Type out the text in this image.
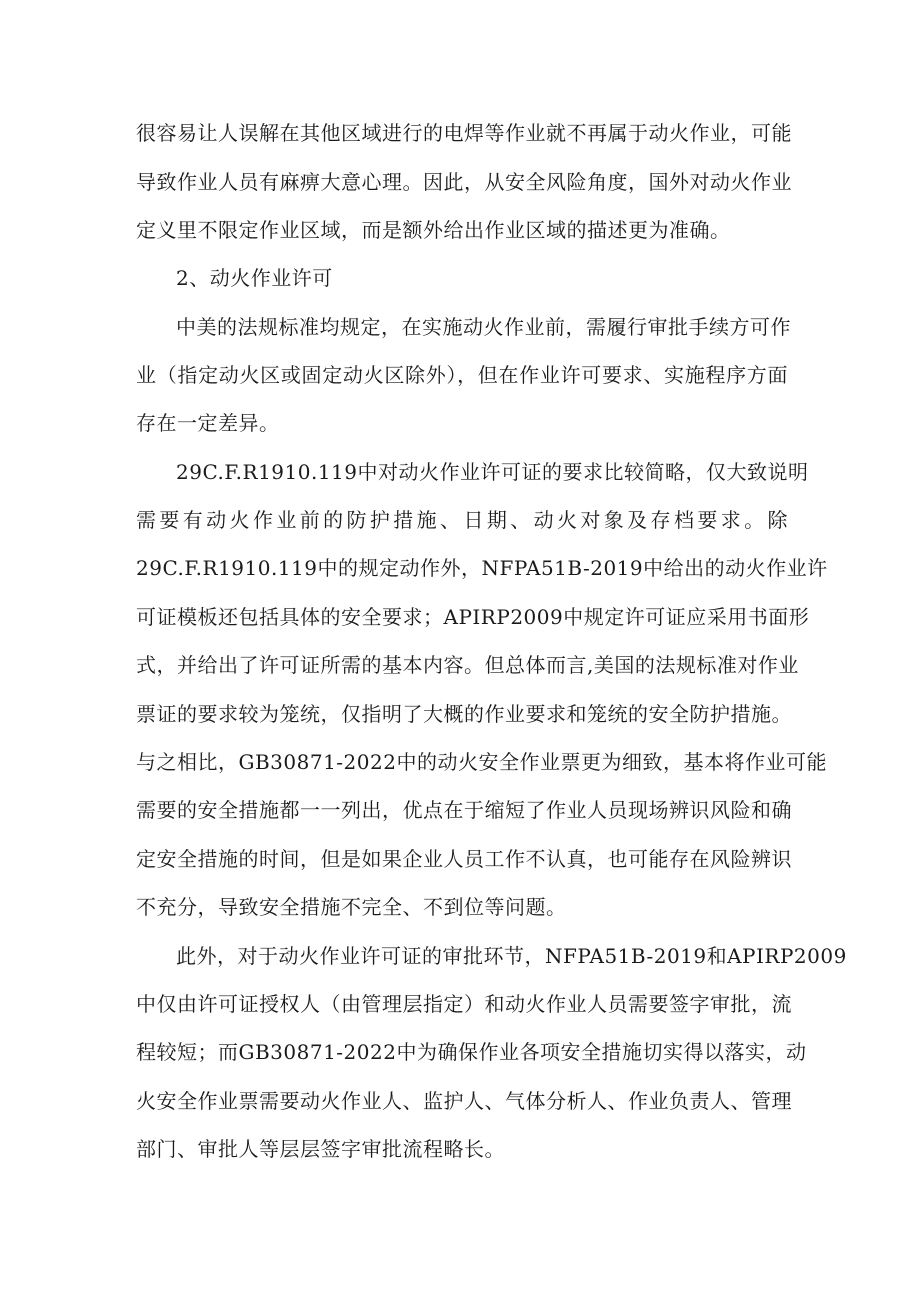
很容易让人误解在其他区域进行的电焊等作业就不再属于动火作业，可能
导致作业人员有麻痹大意心理。因此，从安全风险角度，国外对动火作业
定义里不限定作业区域，而是额外给出作业区域的描述更为准确。
2、动火作业许可
中美的法规标准均规定，在实施动火作业前，需履行审批手续方可作
业（指定动火区或固定动火区除外），但在作业许可要求、实施程序方面
存在一定差异。
29C.F.R1910.119中对动火作业许可证的要求比较简略，仅大致说明
需要有动火作业前的防护措施、日期、动火对象及存档要求。除
29C.F.R1910.119中的规定动作外，NFPA51B-2019中给出的动火作业许
可证模板还包括具体的安全要求；APIRP2009中规定许可证应采用书面形
式，并给出了许可证所需的基本内容。但总体而言,美国的法规标准对作业
票证的要求较为笼统，仅指明了大概的作业要求和笼统的安全防护措施。
与之相比，GB30871-2022中的动火安全作业票更为细致，基本将作业可能
需要的安全措施都一一列出，优点在于缩短了作业人员现场辨识风险和确
定安全措施的时间，但是如果企业人员工作不认真，也可能存在风险辨识
不充分，导致安全措施不完全、不到位等问题。
此外，对于动火作业许可证的审批环节，NFPA51B-2019和APIRP2009
中仅由许可证授权人（由管理层指定）和动火作业人员需要签字审批，流
程较短；而GB30871-2022中为确保作业各项安全措施切实得以落实，动
火安全作业票需要动火作业人、监护人、气体分析人、作业负责人、管理
部门、审批人等层层签字审批流程略长。
